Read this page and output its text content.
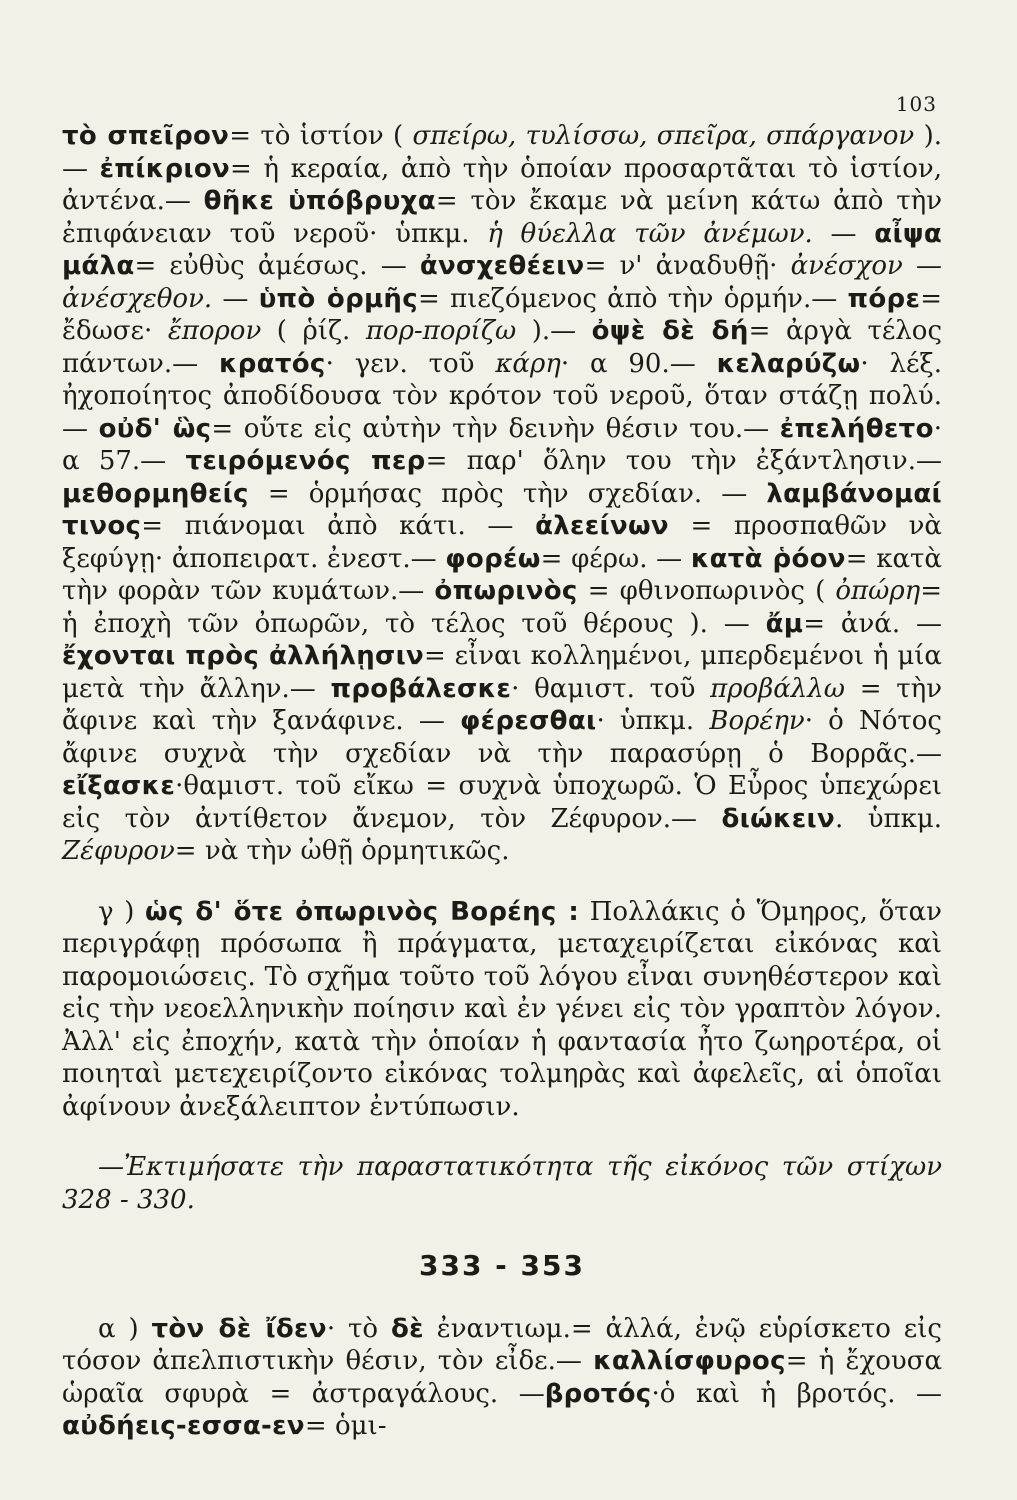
103

τὸ σπεῖρον= τὸ ἱστίον ( σπείρω, τυλίσσω, σπεῖρα, σπάργανον ). — ἐπίκριον= ἡ κεραία, ἀπὸ τὴν ὁποίαν προσαρτᾶται τὸ ἱστίον, ἀντένα.— θῆκε ὑπόβρυχα= τὸν ἔκαμε νὰ μείνη κάτω ἀπὸ τὴν ἐπιφάνειαν τοῦ νεροῦ· ὑπκμ. ἡ θύελλα τῶν ἀνέμων. — αἶψα μάλα= εὐθὺς ἀμέσως. — ἀνσχεθέειν= ν' ἀναδυθῇ· ἀνέσχον — ἀνέσχεθον. — ὑπὸ ὁρμῆς= πιεζόμενος ἀπὸ τὴν ὁρμήν.— πόρε= ἔδωσε· ἔπορον ( ῥίζ. πορ-πορίζω ).— ὀψὲ δὲ δή= ἀργὰ τέλος πάντων.— κρατός· γεν. τοῦ κάρη· α 90.— κελαρύζω· λέξ. ἠχοποίητος ἀποδίδουσα τὸν κρότον τοῦ νεροῦ, ὅταν στάζῃ πολύ. — οὐδ' ὣς= οὔτε εἰς αὐτὴν τὴν δεινὴν θέσιν του.— ἐπελήθετο· α 57.— τειρόμενός περ= παρ' ὅλην του τὴν ἐξάντλησιν.— μεθορμηθείς = ὁρμήσας πρὸς τὴν σχεδίαν. — λαμβάνομαί τινος= πιάνομαι ἀπὸ κάτι. — ἀλεείνων = προσπαθῶν νὰ ξεφύγῃ· ἀποπειρατ. ἐνεστ.— φορέω= φέρω. — κατὰ ῥόον= κατὰ τὴν φορὰν τῶν κυμάτων.— ὀπωρινὸς = φθινοπωρινὸς ( ὀπώρη= ἡ ἐποχὴ τῶν ὀπωρῶν, τὸ τέλος τοῦ θέρους ). — ἄμ= ἀνά. — ἔχονται πρὸς ἀλλήλῃσιν= εἶναι κολλημένοι, μπερδεμένοι ἡ μία μετὰ τὴν ἄλλην.— προβάλεσκε· θαμιστ. τοῦ προβάλλω = τὴν ἄφινε καὶ τὴν ξανάφινε. — φέρεσθαι· ὑπκμ. Βορέην· ὁ Νότος ἄφινε συχνὰ τὴν σχεδίαν νὰ τὴν παρασύρῃ ὁ Βορρᾶς.— εἴξασκε·θαμιστ. τοῦ εἴκω = συχνὰ ὑποχωρῶ. Ὁ Εὖρος ὑπεχώρει εἰς τὸν ἀντίθετον ἄνεμον, τὸν Ζέφυρον.— διώκειν. ὑπκμ. Ζέφυρον= νὰ τὴν ὠθῇ ὁρμητικῶς.

γ ) ὡς δ' ὅτε ὀπωρινὸς Βορέης : Πολλάκις ὁ Ὅμηρος, ὅταν περιγράφῃ πρόσωπα ἢ πράγματα, μεταχειρίζεται εἰκόνας καὶ παρομοιώσεις. Τὸ σχῆμα τοῦτο τοῦ λόγου εἶναι συνηθέστερον καὶ εἰς τὴν νεοελληνικὴν ποίησιν καὶ ἐν γένει εἰς τὸν γραπτὸν λόγον. Ἀλλ' εἰς ἐποχήν, κατὰ τὴν ὁποίαν ἡ φαντασία ἦτο ζωηροτέρα, οἱ ποιηταὶ μετεχειρίζοντο εἰκόνας τολμηρὰς καὶ ἀφελεῖς, αἱ ὁποῖαι ἀφίνουν ἀνεξάλειπτον ἐντύπωσιν.

—Ἐκτιμήσατε τὴν παραστατικότητα τῆς εἰκόνος τῶν στίχων 328 - 330.

333 - 353

α ) τὸν δὲ ἴδεν· τὸ δὲ ἐναντιωμ.= ἀλλά, ἐνῷ εὑρίσκετο εἰς τόσον ἀπελπιστικὴν θέσιν, τὸν εἶδε.— καλλίσφυρος= ἡ ἔχουσα ὡραῖα σφυρὰ = ἀστραγάλους. —βροτός·ὁ καὶ ἡ βροτός. — αὐδήεις-εσσα-εν= ὁμι-
